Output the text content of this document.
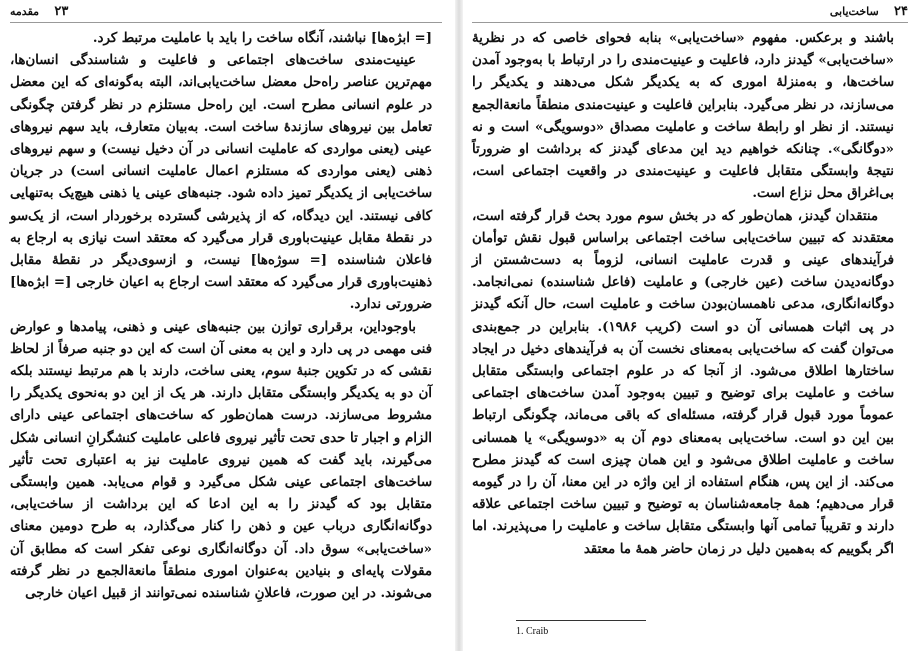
۲۳    مقدمه

[= ابژه‌ها] نباشند، آنگاه ساخت را باید با عاملیت مرتبط کرد.

عینیت‌مندی ساخت‌های اجتماعی و فاعلیت و شناسندگی انسان‌ها، مهم‌ترین عناصر راه‌حل معضل ساخت‌یابی‌اند، البته به‌گونه‌ای که این معضل در علوم انسانی مطرح است. این راه‌حل مستلزم در نظر گرفتن چگونگی تعامل بین نیروهای سازندهٔ ساخت است. به‌بیان متعارف، باید سهم نیروهای عینی (یعنی مواردی که عاملیت انسانی در آن دخیل نیست) و سهم نیروهای ذهنی (یعنی مواردی که مستلزم اعمال عاملیت انسانی است) در جریان ساخت‌یابی از یکدیگر تمیز داده شود. جنبه‌های عینی یا ذهنی هیچ‌یک به‌تنهایی کافی نیستند. این دیدگاه، که از پذیرشی گسترده برخوردار است، از یک‌سو در نقطهٔ مقابل عینیت‌باوری قرار می‌گیرد که معتقد است نیازی به ارجاع به فاعلان شناسنده [= سوژه‌ها] نیست، و ازسوی‌دیگر در نقطهٔ مقابل ذهنیت‌باوری قرار می‌گیرد که معتقد است ارجاع به اعیان خارجی [= ابژه‌ها] ضرورتی ندارد.

باوجوداین، برقراری توازن بین جنبه‌های عینی و ذهنی، پیامدها و عوارض فنی مهمی در پی دارد و این به معنی آن است که این دو جنبه صرفاً از لحاظ نقشی که در تکوین جنبهٔ سوم، یعنی ساخت، دارند با هم مرتبط نیستند بلکه آن دو به یکدیگر وابستگی متقابل دارند. هر یک از این دو به‌نحوی یکدیگر را مشروط می‌سازند. درست همان‌طور که ساخت‌های اجتماعی عینی دارای الزام و اجبار تا حدی تحت تأثیر نیروی فاعلی عاملیت کنشگرانِ انسانی شکل می‌گیرند، باید گفت که همین نیروی عاملیت نیز به اعتباری تحت تأثیر ساخت‌های اجتماعی عینی شکل می‌گیرد و قوام می‌یابد. همین وابستگی متقابل بود که گیدنز را به این ادعا که این برداشت از ساخت‌یابی، دوگانه‌انگاری درباب عین و ذهن را کنار می‌گذارد، به طرح دومین معنای «ساخت‌یابی» سوق داد. آن دوگانه‌انگاری نوعی تفکر است که مطابق آن مقولات پایه‌ای و بنیادین به‌عنوان اموری منطقاً مانعةالجمع در نظر گرفته می‌شوند. در این صورت، فاعلانِ شناسنده نمی‌توانند از قبیل اعیان خارجی

۲۴    ساخت‌یابی

باشند و برعکس. مفهوم «ساخت‌یابی» بنابه فحوای خاصی که در نظریهٔ «ساخت‌یابی» گیدنز دارد، فاعلیت و عینیت‌مندی را در ارتباط با به‌وجود آمدن ساخت‌ها، و به‌منزلهٔ اموری که به یکدیگر شکل می‌دهند و یکدیگر را می‌سازند، در نظر می‌گیرد. بنابراین فاعلیت و عینیت‌مندی منطقاً مانعةالجمع نیستند. از نظر او رابطهٔ ساخت و عاملیت مصداق «دوسویگی» است و نه «دوگانگی». چنانکه خواهیم دید این مدعای گیدنز که برداشت او ضرورتاً نتیجهٔ وابستگی متقابل فاعلیت و عینیت‌مندی در واقعیت اجتماعی است، بی‌اغراق محل نزاع است.

منتقدان گیدنز، همان‌طور که در بخش سوم مورد بحث قرار گرفته است، معتقدند که تبیین ساخت‌یابی ساخت اجتماعی براساس قبول نقش توأمان فرآیندهای عینی و قدرت عاملیت انسانی، لزوماً به دست‌شستن از دوگانه‌دیدن ساخت (عین خارجی) و عاملیت (فاعل شناسنده) نمی‌انجامد. دوگانه‌انگاری، مدعی ناهمسان‌بودن ساخت و عاملیت است، حال آنکه گیدنز در پی اثبات همسانی آن دو است (کریب ۱۹۸۶). بنابراین در جمع‌بندی می‌توان گفت که ساخت‌یابی به‌معنای نخست آن به فرآیندهای دخیل در ایجاد ساختارها اطلاق می‌شود. از آنجا که در علوم اجتماعی وابستگی متقابل ساخت و عاملیت برای توضیح و تبیین به‌وجود آمدن ساخت‌های اجتماعی عموماً مورد قبول قرار گرفته، مسئله‌ای که باقی می‌ماند، چگونگی ارتباط بین این دو است. ساخت‌یابی به‌معنای دوم آن به «دوسویگی» یا همسانی ساخت و عاملیت اطلاق می‌شود و این همان چیزی است که گیدنز مطرح می‌کند. از این پس، هنگام استفاده از این واژه در این معنا، آن را در گیومه قرار می‌دهیم؛ همهٔ جامعه‌شناسان به توضیح و تبیین ساخت اجتماعی علاقه دارند و تقریباً تمامی آنها وابستگی متقابل ساخت و عاملیت را می‌پذیرند. اما اگر بگوییم که به‌همین دلیل در زمان حاضر همهٔ ما معتقد

1. Craib
